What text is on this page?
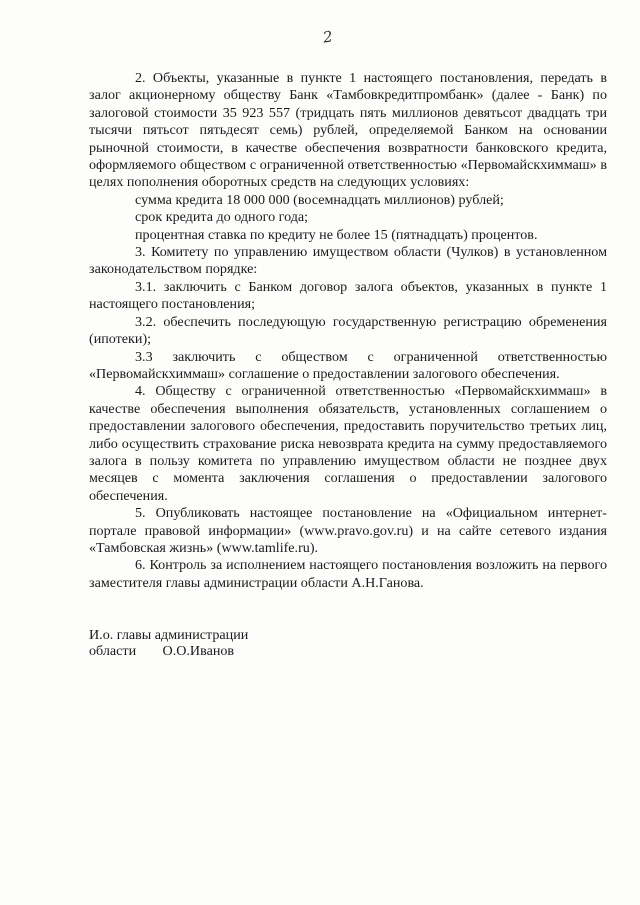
2

2. Объекты, указанные в пункте 1 настоящего постановления, передать в залог акционерному обществу Банк «Тамбовкредитпромбанк» (далее - Банк) по залоговой стоимости 35 923 557 (тридцать пять миллионов девятьсот двадцать три тысячи пятьсот пятьдесят семь) рублей, определяемой Банком на основании рыночной стоимости, в качестве обеспечения возвратности банковского кредита, оформляемого обществом с ограниченной ответственностью «Первомайскхиммаш» в целях пополнения оборотных средств на следующих условиях:

сумма кредита 18 000 000 (восемнадцать миллионов) рублей;

срок кредита до одного года;

процентная ставка по кредиту не более 15 (пятнадцать) процентов.

3. Комитету по управлению имуществом области (Чулков) в установленном законодательством порядке:

3.1. заключить с Банком договор залога объектов, указанных в пункте 1 настоящего постановления;

3.2. обеспечить последующую государственную регистрацию обременения (ипотеки);

3.3 заключить с обществом с ограниченной ответственностью «Первомайскхиммаш» соглашение о предоставлении залогового обеспечения.

4. Обществу с ограниченной ответственностью «Первомайскхиммаш» в качестве обеспечения выполнения обязательств, установленных соглашением о предоставлении залогового обеспечения, предоставить поручительство третьих лиц, либо осуществить страхование риска невозврата кредита на сумму предоставляемого залога в пользу комитета по управлению имуществом области не позднее двух месяцев с момента заключения соглашения о предоставлении залогового обеспечения.

5. Опубликовать настоящее постановление на «Официальном интернет-портале правовой информации» (www.pravo.gov.ru) и на сайте сетевого издания «Тамбовская жизнь» (www.tamlife.ru).

6. Контроль за исполнением настоящего постановления возложить на первого заместителя главы администрации области А.Н.Ганова.

И.о. главы администрации
области О.О.Иванов
